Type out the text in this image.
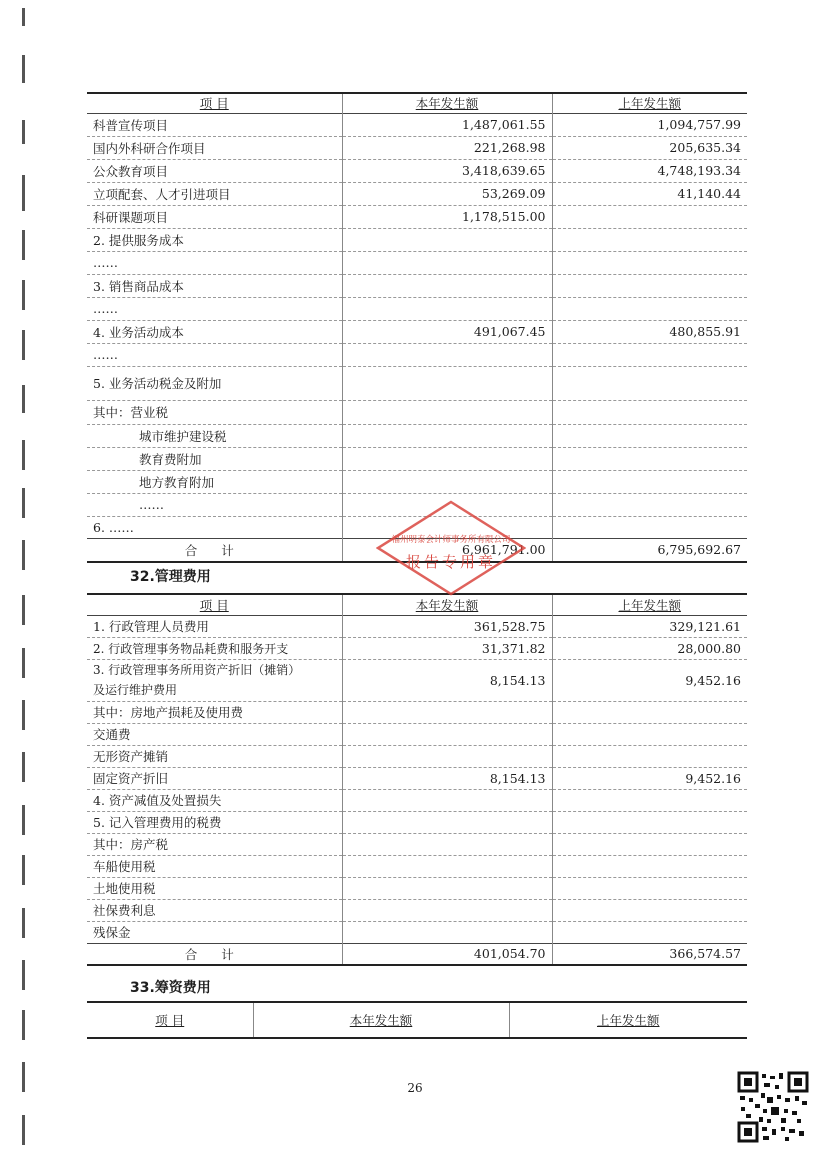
项 目	本年发生额	上年发生额
科普宣传项目	1,487,061.55	1,094,757.99
国内外科研合作项目	221,268.98	205,635.34
公众教育项目	3,418,639.65	4,748,193.34
立项配套、人才引进项目	53,269.09	41,140.44
科研课题项目	1,178,515.00	
2. 提供服务成本		
……		
3. 销售商品成本		
……		
4. 业务活动成本	491,067.45	480,855.91
……		
5. 业务活动税金及附加		
其中：营业税		
城市维护建设税		
教育费附加		
地方教育附加		
……		
6. ……		
合 计	6,961,791.00	6,795,692.67
32.管理费用
项 目	本年发生额	上年发生额
1. 行政管理人员费用	361,528.75	329,121.61
2. 行政管理事务物品耗费和服务开支	31,371.82	28,000.80

3. 行政管理事务所用资产折旧（摊销）
及运行维护费用	8,154.13	9,452.16
其中：房地产损耗及使用费		
交通费		
无形资产摊销		
固定资产折旧	8,154.13	9,452.16
4. 资产减值及处置损失		
5. 记入管理费用的税费		
其中：房产税		
车船使用税		
土地使用税		
社保费利息		
残保金		
合 计	401,054.70	366,574.57
33.筹资费用
项 目	本年发生额	上年发生额
福州明泰会计师事务所有限公司
报告专用章
26
